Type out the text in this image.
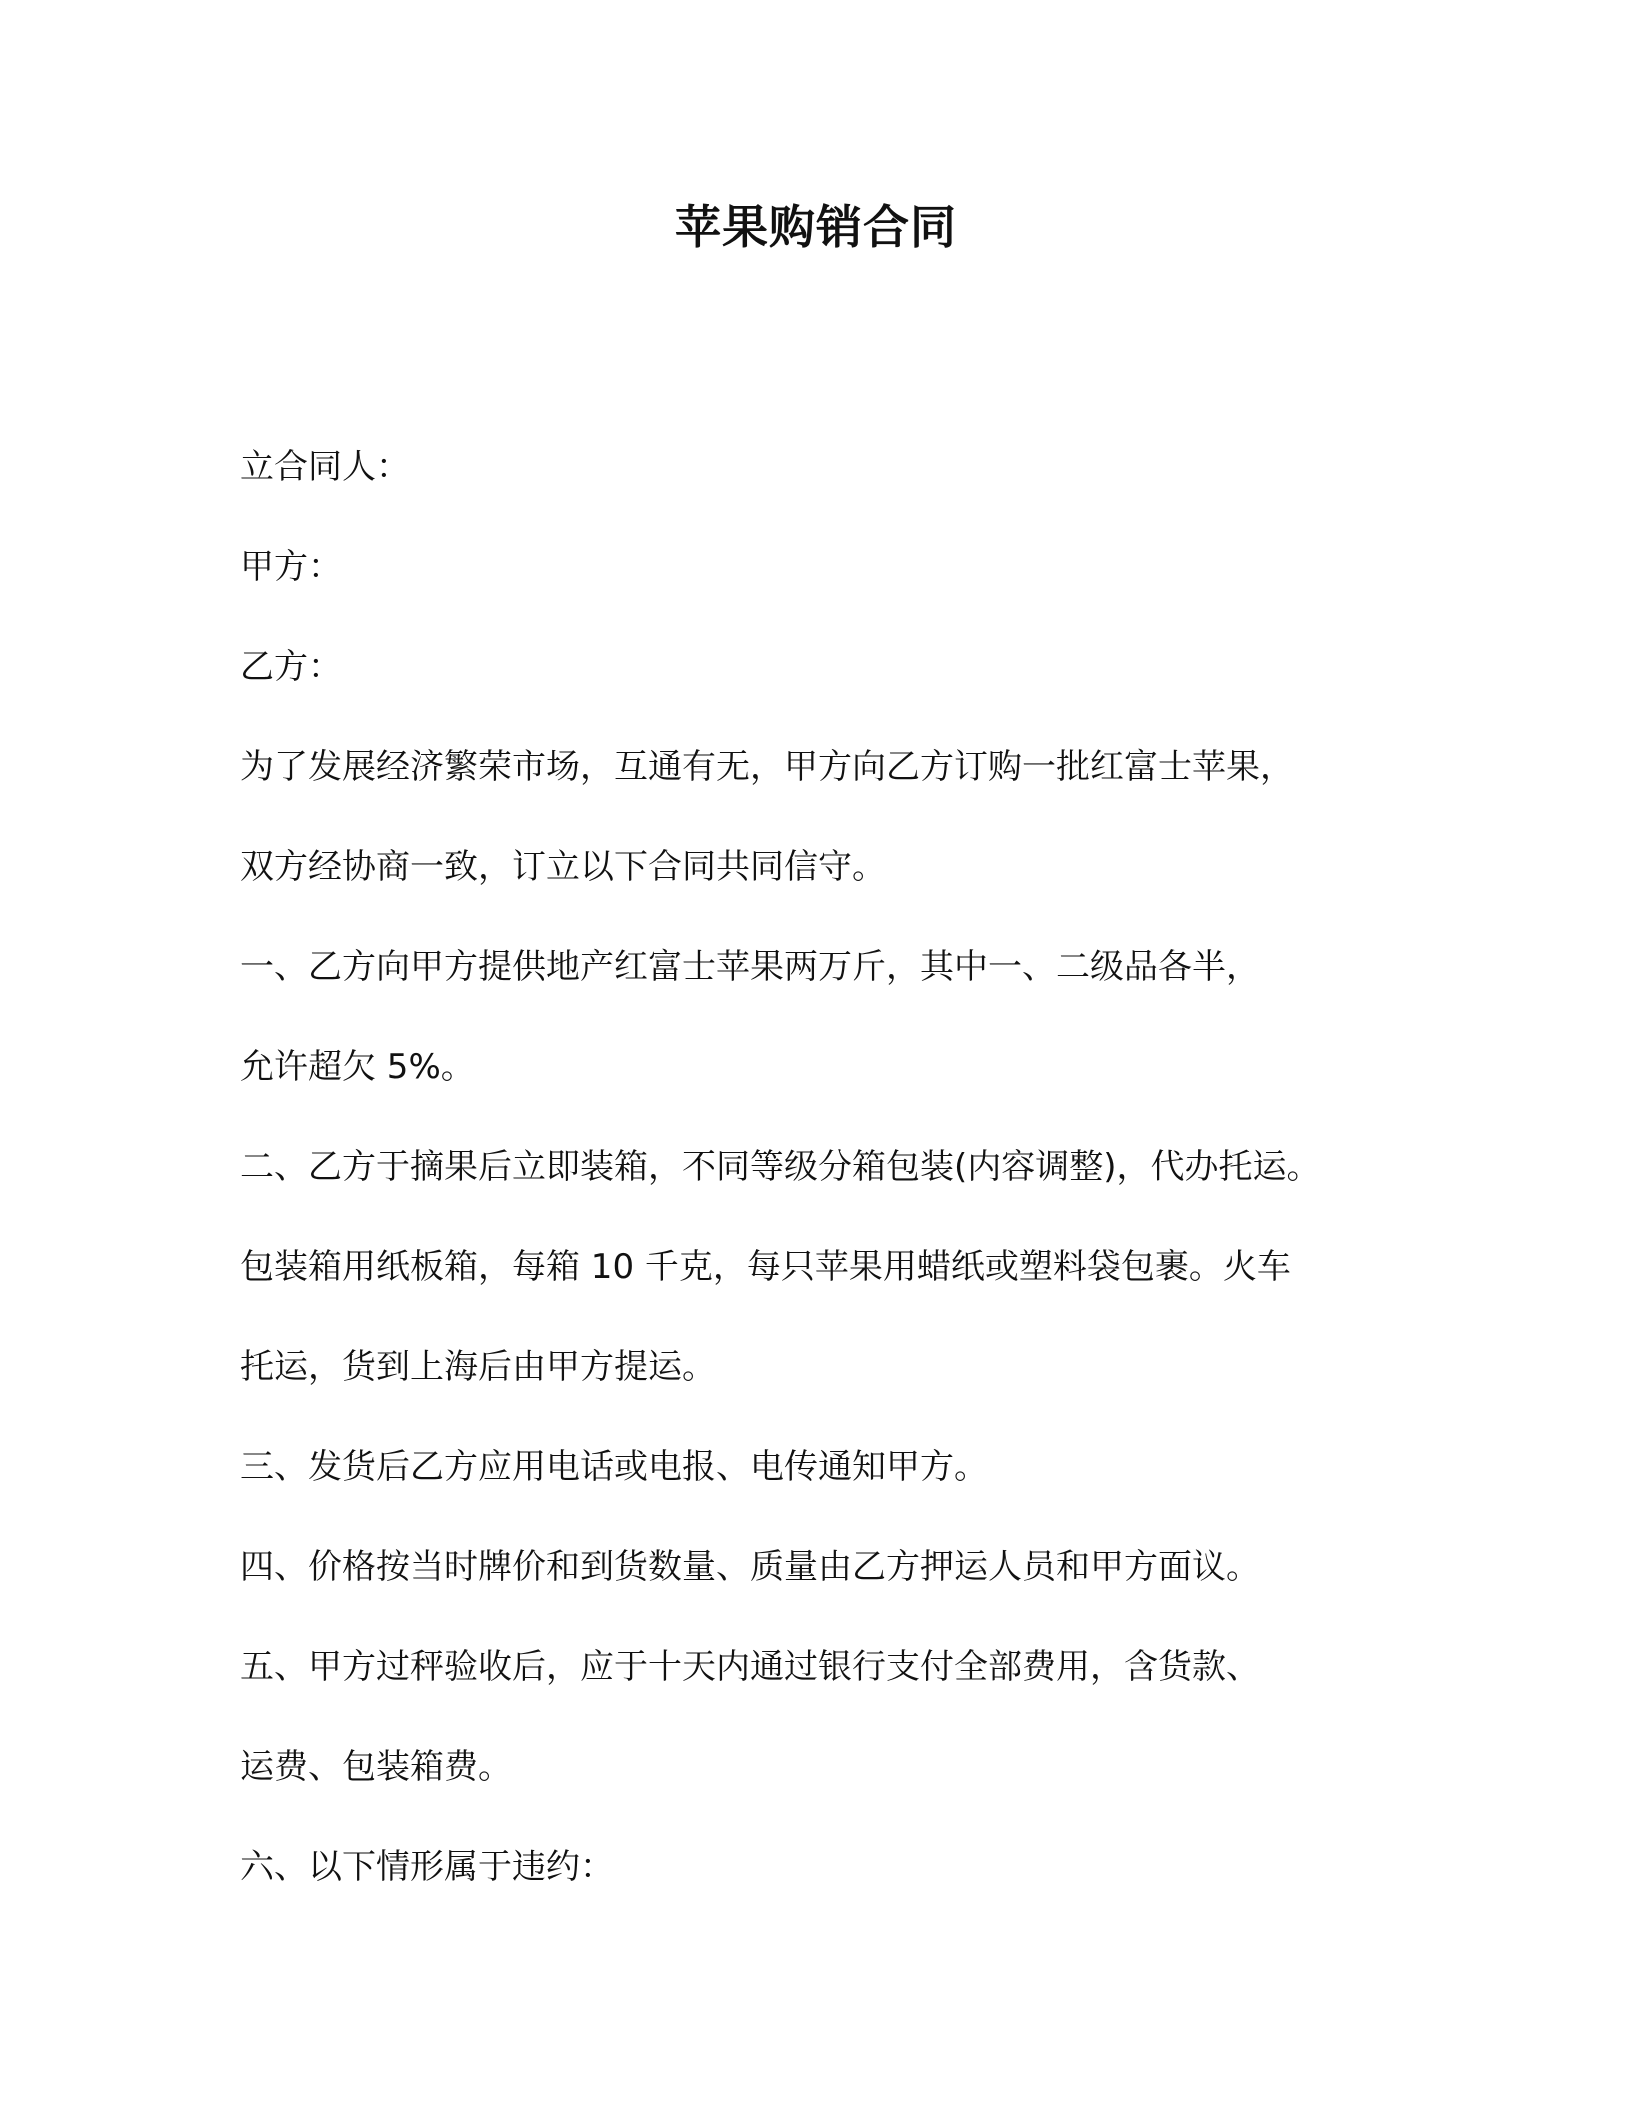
苹果购销合同
立合同人：
甲方：
乙方：
为了发展经济繁荣市场，互通有无，甲方向乙方订购一批红富士苹果，
双方经协商一致，订立以下合同共同信守。
一、乙方向甲方提供地产红富士苹果两万斤，其中一、二级品各半，
允许超欠 5%。
二、乙方于摘果后立即装箱，不同等级分箱包装(内容调整)，代办托运。
包装箱用纸板箱，每箱 10 千克，每只苹果用蜡纸或塑料袋包裹。火车
托运，货到上海后由甲方提运。
三、发货后乙方应用电话或电报、电传通知甲方。
四、价格按当时牌价和到货数量、质量由乙方押运人员和甲方面议。
五、甲方过秤验收后，应于十天内通过银行支付全部费用，含货款、
运费、包装箱费。
六、以下情形属于违约：
